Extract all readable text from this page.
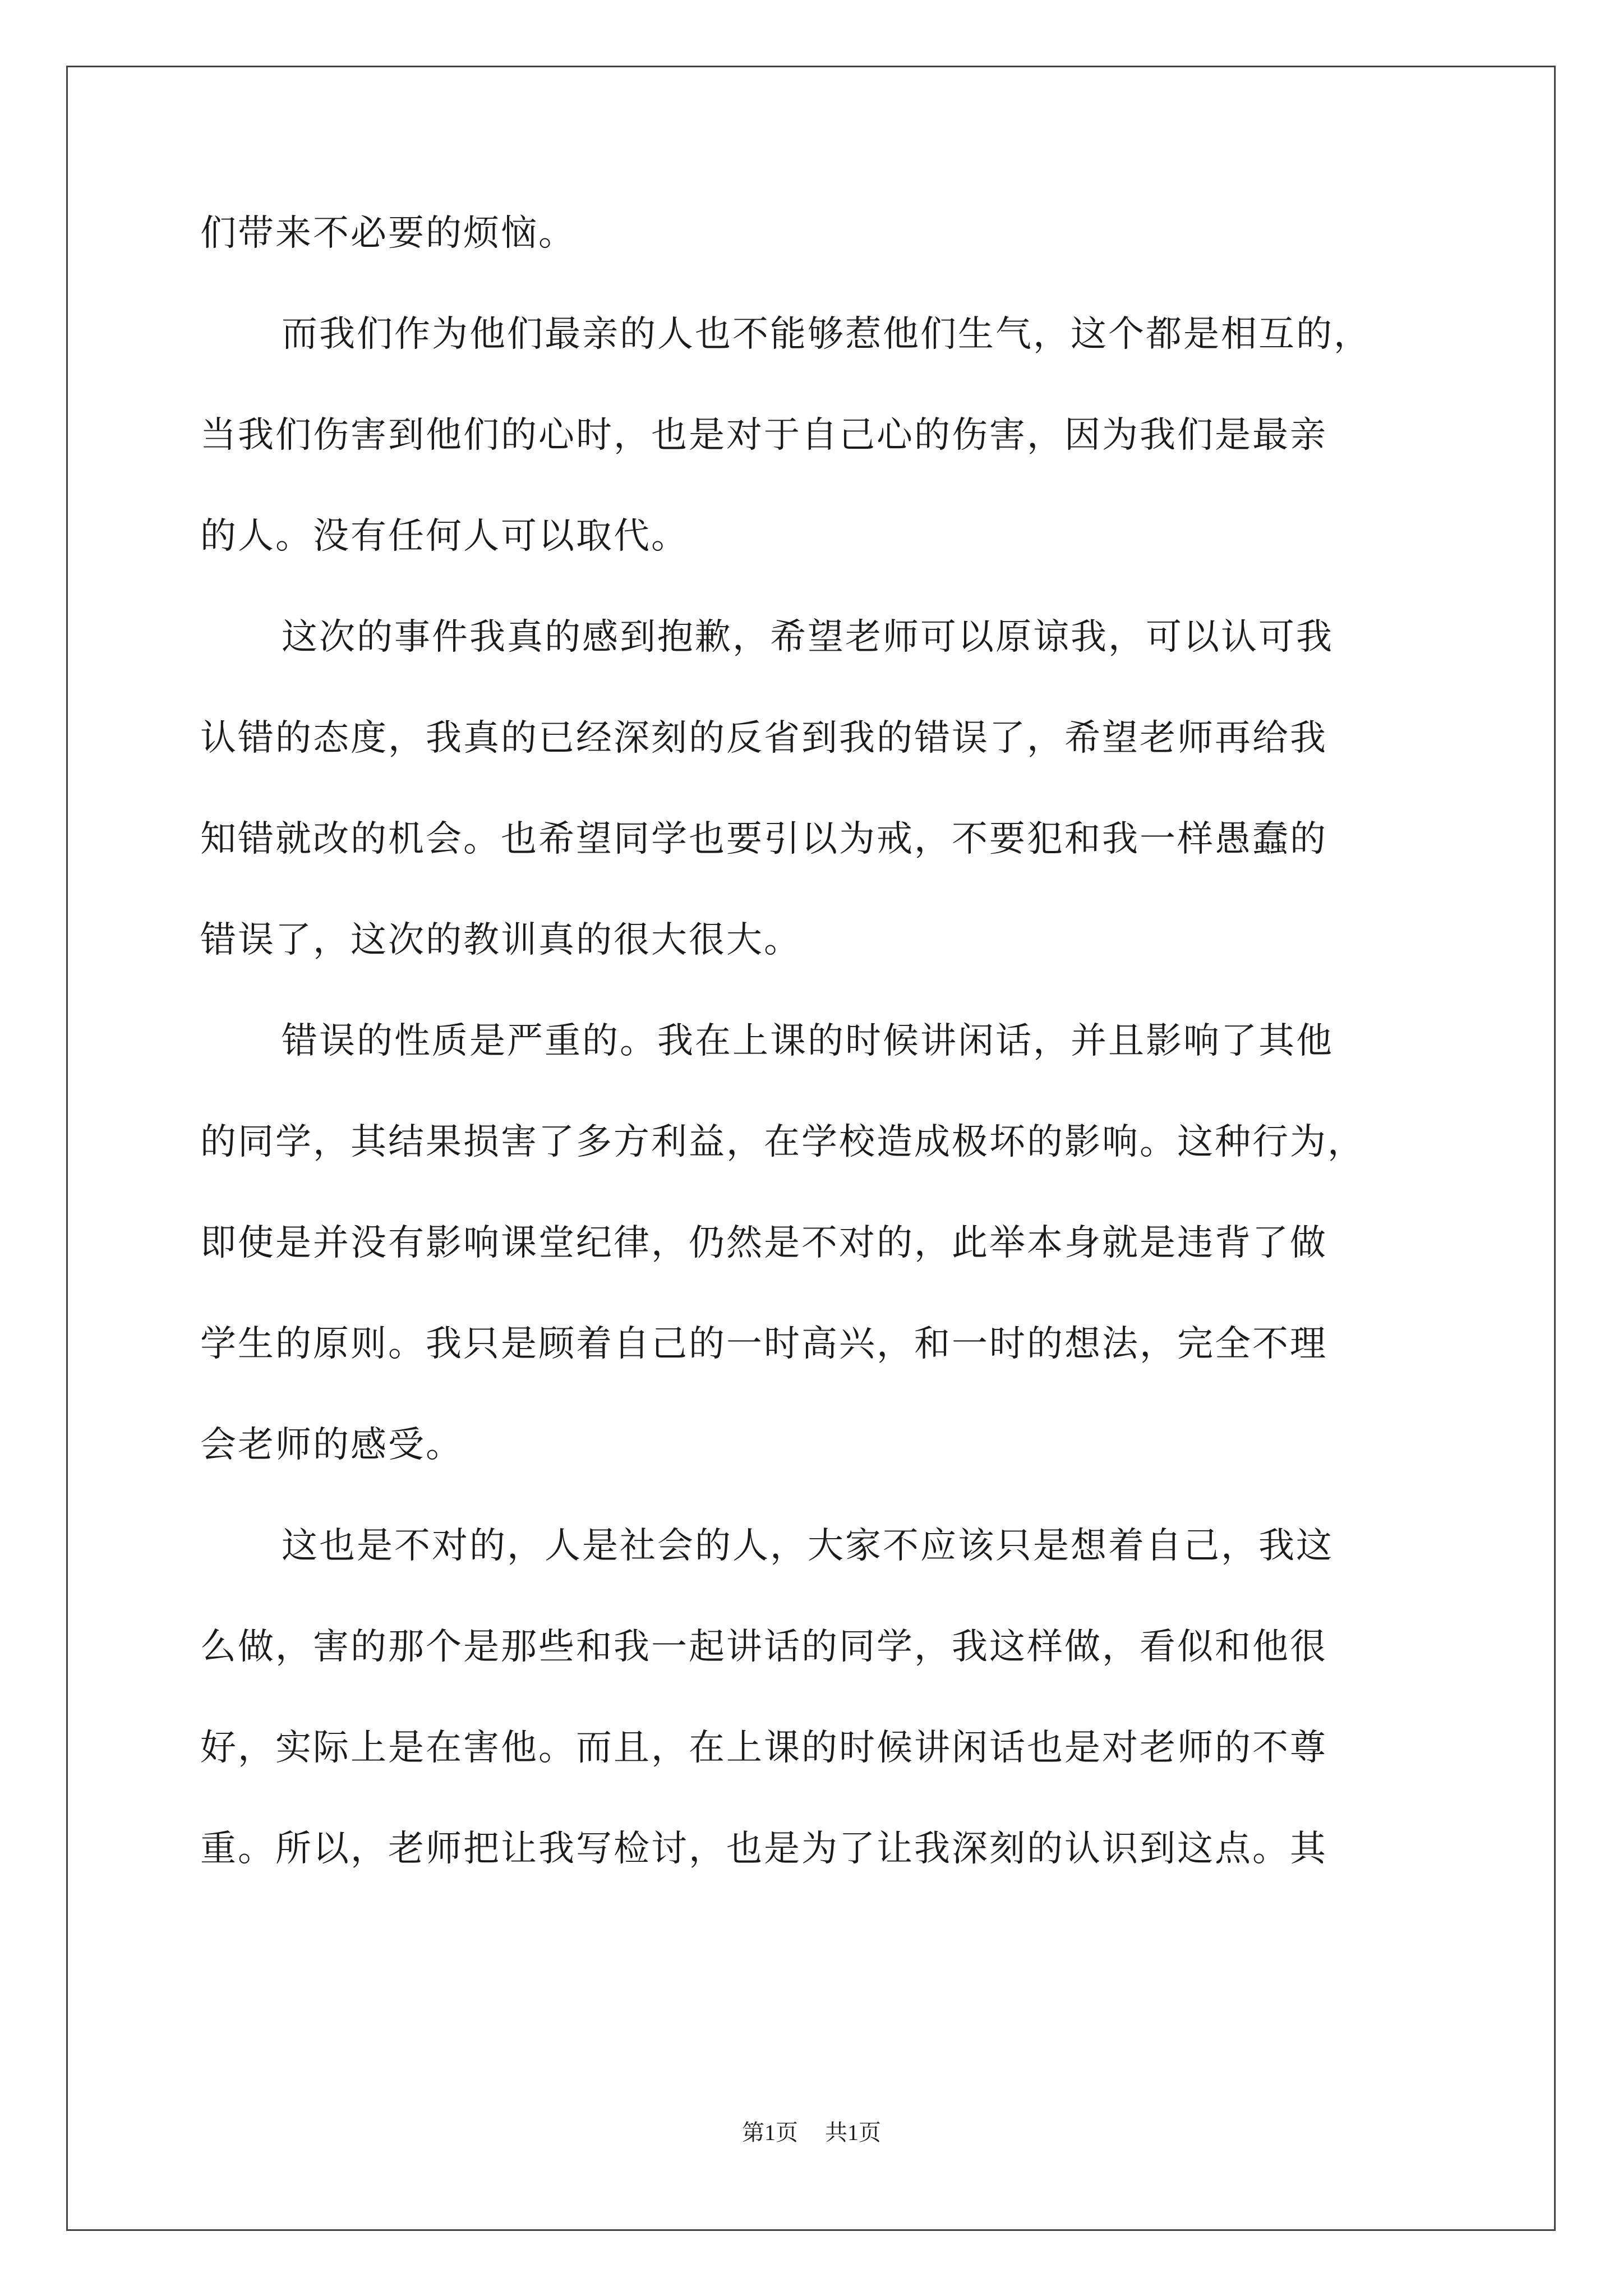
们带来不必要的烦恼。

而我们作为他们最亲的人也不能够惹他们生气，这个都是相互的，

当我们伤害到他们的心时，也是对于自己心的伤害，因为我们是最亲

的人。没有任何人可以取代。

这次的事件我真的感到抱歉，希望老师可以原谅我，可以认可我

认错的态度，我真的已经深刻的反省到我的错误了，希望老师再给我

知错就改的机会。也希望同学也要引以为戒，不要犯和我一样愚蠢的

错误了，这次的教训真的很大很大。

错误的性质是严重的。我在上课的时候讲闲话，并且影响了其他

的同学，其结果损害了多方利益，在学校造成极坏的影响。这种行为，

即使是并没有影响课堂纪律，仍然是不对的，此举本身就是违背了做

学生的原则。我只是顾着自己的一时高兴，和一时的想法，完全不理

会老师的感受。

这也是不对的，人是社会的人，大家不应该只是想着自己，我这

么做，害的那个是那些和我一起讲话的同学，我这样做，看似和他很

好，实际上是在害他。而且，在上课的时候讲闲话也是对老师的不尊

重。所以，老师把让我写检讨，也是为了让我深刻的认识到这点。其

第1页 共1页
